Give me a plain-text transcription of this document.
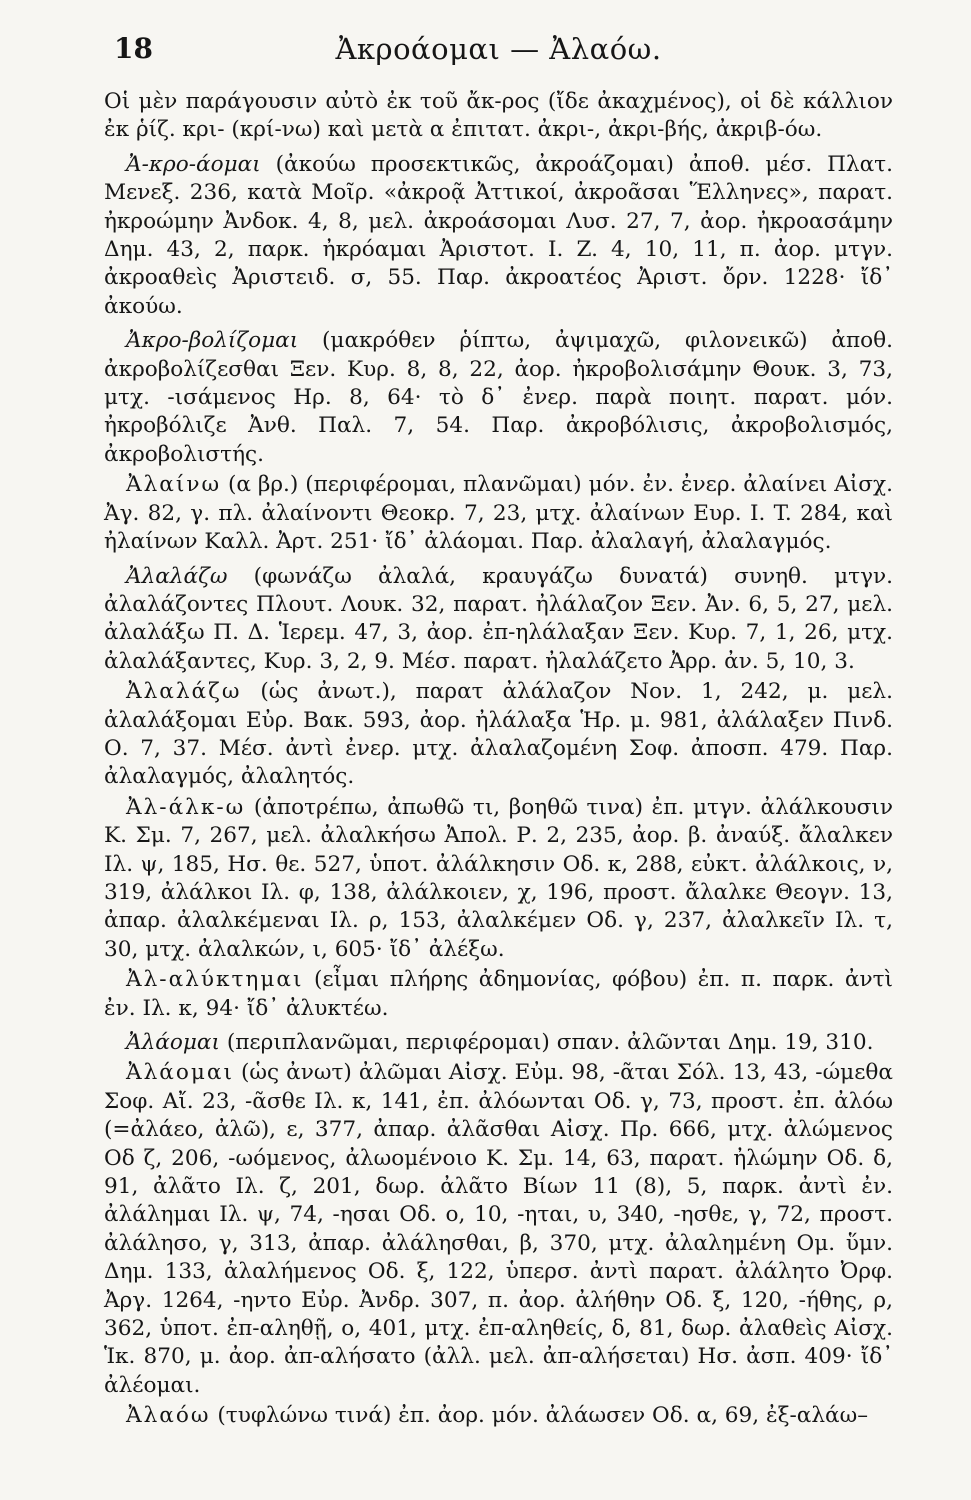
18	Ἀκροάομαι — Ἀλαόω.

Οἱ μὲν παράγουσιν αὐτὸ ἐκ τοῦ ἄκ-ρος (ἴδε ἀκαχμένος), οἱ δὲ κάλλιον ἐκ ῥίζ. κρι- (κρί-νω) καὶ μετὰ α ἐπιτατ. ἀκρι-, ἀκρι-βής, ἀκριβ-όω.

Ἀ-κρο-άομαι (ἀκούω προσεκτικῶς, ἀκροάζομαι) ἀποθ. μέσ. Πλατ. Μενεξ. 236, κατὰ Μοῖρ. «ἀκροᾷ Ἀττικοί, ἀκροᾶσαι Ἕλληνες», παρατ. ἠκροώμην Ἀνδοκ. 4, 8, μελ. ἀκροάσομαι Λυσ. 27, 7, ἀορ. ἠκροασάμην Δημ. 43, 2, παρκ. ἠκρόαμαι Ἀριστοτ. I. Z. 4, 10, 11, π. ἀορ. μτγν. ἀκροαθεὶς Ἀριστειδ. σ, 55. Παρ. ἀκροατέος Ἀριστ. ὄρν. 1228· ἴδ᾽ ἀκούω.

Ἀκρο-βολίζομαι (μακρόθεν ῥίπτω, ἀψιμαχῶ, φιλονεικῶ) ἀποθ. ἀκροβολίζεσθαι Ξεν. Κυρ. 8, 8, 22, ἀορ. ἠκροβολισάμην Θουκ. 3, 73, μτχ. -ισάμενος Ηρ. 8, 64· τὸ δ᾽ ἐνερ. παρὰ ποιητ. παρατ. μόν. ἠκροβόλιζε Ἀνθ. Παλ. 7, 54. Παρ. ἀκροβόλισις, ἀκροβολισμός, ἀκροβολιστής.

Ἀλαίνω (α βρ.) (περιφέρομαι, πλανῶμαι) μόν. ἐν. ἐνερ. ἀλαίνει Αἰσχ. Ἀγ. 82, γ. πλ. ἀλαίνοντι Θεοκρ. 7, 23, μτχ. ἀλαίνων Ευρ. I. T. 284, καὶ ἠλαίνων Καλλ. Ἀρτ. 251· ἴδ᾽ ἀλάομαι. Παρ. ἀλαλαγή, ἀλαλαγμός.

Ἀλαλάζω (φωνάζω ἀλαλά, κραυγάζω δυνατά) συνηθ. μτγν. ἀλαλάζοντες Πλουτ. Λουκ. 32, παρατ. ἠλάλαζον Ξεν. Ἀν. 6, 5, 27, μελ. ἀλαλάξω Π. Δ. Ἱερεμ. 47, 3, ἀορ. ἐπ-ηλάλαξαν Ξεν. Κυρ. 7, 1, 26, μτχ. ἀλαλάξαντες, Κυρ. 3, 2, 9. Μέσ. παρατ. ἠλαλάζετο Ἀρρ. ἀν. 5, 10, 3.

Ἀλαλάζω (ὡς ἀνωτ.), παρατ ἀλάλαζον Νον. 1, 242, μ. μελ. ἀλαλάξομαι Εὐρ. Βακ. 593, ἀορ. ἠλάλαξα Ἡρ. μ. 981, ἀλάλαξεν Πινδ. Ο. 7, 37. Μέσ. ἀντὶ ἐνερ. μτχ. ἀλαλαζομένη Σοφ. ἀποσπ. 479. Παρ. ἀλαλαγμός, ἀλαλητός.

Ἀλ-άλκ-ω (ἀποτρέπω, ἀπωθῶ τι, βοηθῶ τινα) ἐπ. μτγν. ἀλάλκουσιν Κ. Σμ. 7, 267, μελ. ἀλαλκήσω Ἀπολ. Ρ. 2, 235, ἀορ. β. ἀναύξ. ἄλαλκεν Ιλ. ψ, 185, Ησ. θε. 527, ὑποτ. ἀλάλκησιν Οδ. κ, 288, εὐκτ. ἀλάλκοις, ν, 319, ἀλάλκοι Ιλ. φ, 138, ἀλάλκοιεν, χ, 196, προστ. ἄλαλκε Θεογν. 13, ἀπαρ. ἀλαλκέμεναι Ιλ. ρ, 153, ἀλαλκέμεν Οδ. γ, 237, ἀλαλκεῖν Ιλ. τ, 30, μτχ. ἀλαλκών, ι, 605· ἴδ᾽ ἀλέξω.

Ἀλ-αλύκτημαι (εἶμαι πλήρης ἀδημονίας, φόβου) ἐπ. π. παρκ. ἀντὶ ἐν. Ιλ. κ, 94· ἴδ᾽ ἀλυκτέω.

Ἀλάομαι (περιπλανῶμαι, περιφέρομαι) σπαν. ἀλῶνται Δημ. 19, 310.

Ἀλάομαι (ὡς ἀνωτ) ἀλῶμαι Αἰσχ. Εὐμ. 98, -ᾶται Σόλ. 13, 43, -ώμεθα Σοφ. Αἴ. 23, -ᾶσθε Ιλ. κ, 141, ἐπ. ἀλόωνται Οδ. γ, 73, προστ. ἐπ. ἀλόω (=ἀλάεο, ἀλῶ), ε, 377, ἀπαρ. ἀλᾶσθαι Αἰσχ. Πρ. 666, μτχ. ἀλώμενος Οδ ζ, 206, -ωόμενος, ἀλωομένοιο Κ. Σμ. 14, 63, παρατ. ἠλώμην Οδ. δ, 91, ἀλᾶτο Ιλ. ζ, 201, δωρ. ἀλᾶτο Βίων 11 (8), 5, παρκ. ἀντὶ ἐν. ἀλάλημαι Ιλ. ψ, 74, -ησαι Οδ. ο, 10, -ηται, υ, 340, -ησθε, γ, 72, προστ. ἀλάλησο, γ, 313, ἀπαρ. ἀλάλησθαι, β, 370, μτχ. ἀλαλημένη Ομ. ὕμν. Δημ. 133, ἀλαλήμενος Οδ. ξ, 122, ὑπερσ. ἀντὶ παρατ. ἀλάλητο Ὀρφ. Ἀργ. 1264, -ηντο Εὐρ. Ἀνδρ. 307, π. ἀορ. ἀλήθην Οδ. ξ, 120, -ήθης, ρ, 362, ὑποτ. ἐπ-αληθῇ, ο, 401, μτχ. ἐπ-αληθείς, δ, 81, δωρ. ἀλαθεὶς Αἰσχ. Ἱκ. 870, μ. ἀορ. ἀπ-αλήσατο (ἀλλ. μελ. ἀπ-αλήσεται) Ησ. ἀσπ. 409· ἴδ᾽ ἀλέομαι.

Ἀλαόω (τυφλώνω τινά) ἐπ. ἀορ. μόν. ἀλάωσεν Οδ. α, 69, ἐξ-αλάω–
